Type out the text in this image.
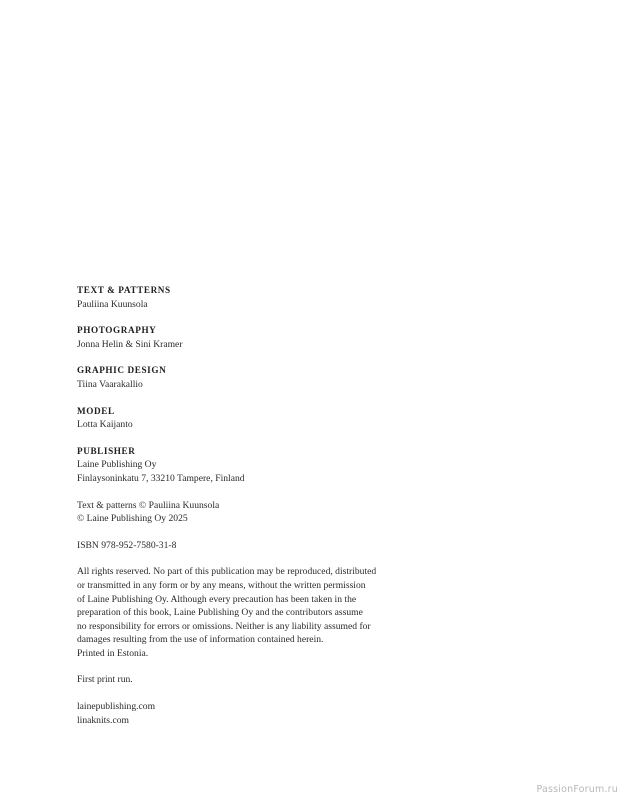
TEXT & PATTERNS
Pauliina Kuunsola
PHOTOGRAPHY
Jonna Helin & Sini Kramer
GRAPHIC DESIGN
Tiina Vaarakallio
MODEL
Lotta Kaijanto
PUBLISHER
Laine Publishing Oy
Finlaysoninkatu 7, 33210 Tampere, Finland
Text & patterns © Pauliina Kuunsola
© Laine Publishing Oy 2025
ISBN 978-952-7580-31-8
All rights reserved. No part of this publication may be reproduced, distributed
or transmitted in any form or by any means, without the written permission
of Laine Publishing Oy. Although every precaution has been taken in the
preparation of this book, Laine Publishing Oy and the contributors assume
no responsibility for errors or omissions. Neither is any liability assumed for
damages resulting from the use of information contained herein.
Printed in Estonia.
First print run.
lainepublishing.com
linaknits.com
PassionForum.ru
